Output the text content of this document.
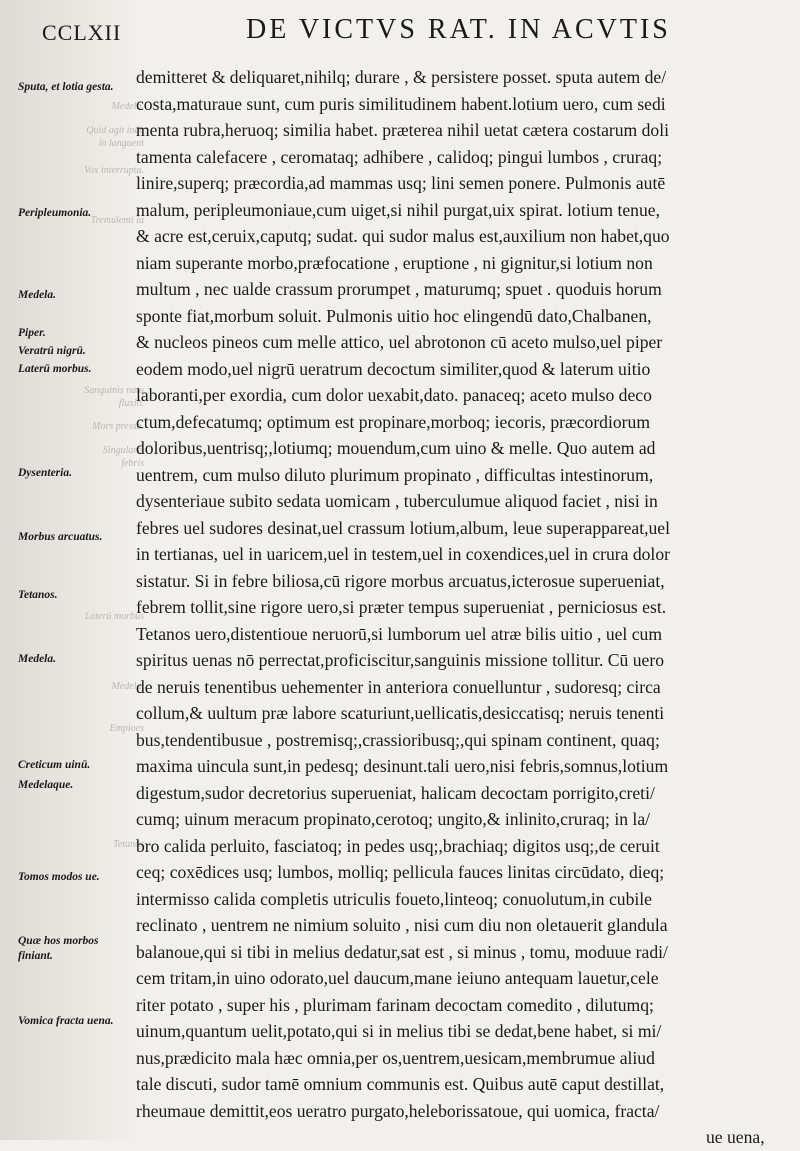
CCLXII	DE VICTVS RAT. IN ACVTIS
Medela.
Quid agit inde in languent
Vox interrupta.
Tremulenti ia
Sanguinis natu fluxio.
Mors pressa.
Singularis febris
Laterū morbus
Medela.
Empioes
Tetanos
Sputa, et lotia gesta.
Peripleumonia.
Medela.
Piper.
Veratrū nigrū.
Laterū morbus.
Dysenteria.
Morbus arcuatus.
Tetanos.
Medela.
Creticum uinū.
Medelaque.
Tomos modos ue.
Quæ hos morbos finiant.
Vomica fracta uena.
demitteret & deliquaret,nihilq; durare , & persistere posset. sputa autem de/
costa,maturaue sunt, cum puris similitudinem habent.lotium uero, cum sedi
menta rubra,heruoq; similia habet. præterea nihil uetat cætera costarum doli
tamenta calefacere , ceromataq; adhibere , calidoq; pingui lumbos , cruraq;
linire,superq; præcordia,ad mammas usq; lini semen ponere. Pulmonis autē
malum, peripleumoniaue,cum uiget,si nihil purgat,uix spirat. lotium tenue,
& acre est,ceruix,caputq; sudat. qui sudor malus est,auxilium non habet,quo
niam superante morbo,præfocatione , eruptione , ni gignitur,si lotium non
multum , nec ualde crassum prorumpet , maturumq; spuet . quoduis horum
sponte fiat,morbum soluit. Pulmonis uitio hoc elingendū dato,Chalbanen,
& nucleos pineos cum melle attico, uel abrotonon cū aceto mulso,uel piper
eodem modo,uel nigrū ueratrum decoctum similiter,quod & laterum uitio
laboranti,per exordia, cum dolor uexabit,dato. panaceq; aceto mulso deco
ctum,defecatumq; optimum est propinare,morboq; iecoris, præcordiorum
doloribus,uentrisq;,lotiumq; mouendum,cum uino & melle. Quo autem ad
uentrem, cum mulso diluto plurimum propinato , difficultas intestinorum,
dysenteriaue subito sedata uomicam , tuberculumue aliquod faciet , nisi in
febres uel sudores desinat,uel crassum lotium,album, leue superappareat,uel
in tertianas, uel in uaricem,uel in testem,uel in coxendices,uel in crura dolor
sistatur. Si in febre biliosa,cū rigore morbus arcuatus,icterosue superueniat,
febrem tollit,sine rigore uero,si præter tempus superueniat , perniciosus est.
Tetanos uero,distentioue neruorū,si lumborum uel atræ bilis uitio , uel cum
spiritus uenas nō perrectat,proficiscitur,sanguinis missione tollitur. Cū uero
de neruis tenentibus uehementer in anteriora conuelluntur , sudoresq; circa
collum,& uultum præ labore scaturiunt,uellicatis,desiccatisq; neruis tenenti
bus,tendentibusue , postremisq;,crassioribusq;,qui spinam continent, quaq;
maxima uincula sunt,in pedesq; desinunt.tali uero,nisi febris,somnus,lotium
digestum,sudor decretorius superueniat, halicam decoctam porrigito,creti/
cumq; uinum meracum propinato,cerotoq; ungito,& inlinito,cruraq; in la/
bro calida perluito, fasciatoq; in pedes usq;,brachiaq; digitos usq;,de ceruit
ceq; coxēdices usq; lumbos, molliq; pellicula fauces linitas circūdato, dieq;
intermisso calida completis utriculis foueto,linteoq; conuolutum,in cubile
reclinato , uentrem ne nimium soluito , nisi cum diu non oletauerit glandula
balanoue,qui si tibi in melius dedatur,sat est , si minus , tomu, moduue radi/
cem tritam,in uino odorato,uel daucum,mane ieiuno antequam lauetur,cele
riter potato , super his , plurimam farinam decoctam comedito , dilutumq;
uinum,quantum uelit,potato,qui si in melius tibi se dedat,bene habet, si mi/
nus,prædicito mala hæc omnia,per os,uentrem,uesicam,membrumue aliud
tale discuti, sudor tamē omnium communis est. Quibus autē caput destillat,
rheumaue demittit,eos ueratro purgato,heleborissatoue, qui uomica, fracta/
ue uena,
